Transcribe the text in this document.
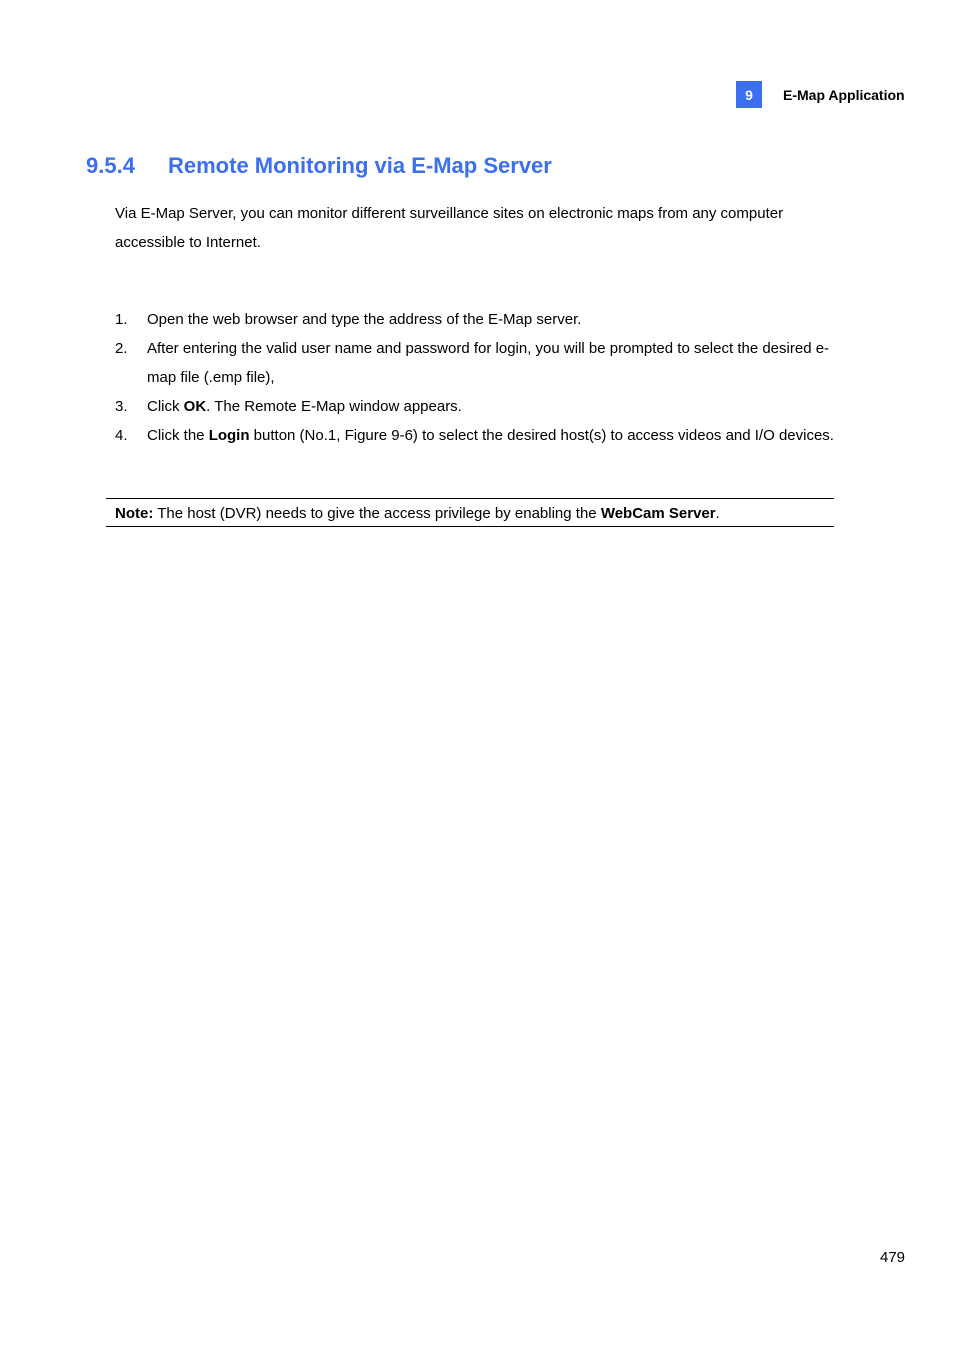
9	E-Map Application
9.5.4 Remote Monitoring via E-Map Server

Via E-Map Server, you can monitor different surveillance sites on electronic maps from any computer accessible to Internet.

1.	Open the web browser and type the address of the E-Map server.
2.	After entering the valid user name and password for login, you will be prompted to select the desired e-map file (.emp file),
3.	Click OK. The Remote E-Map window appears.
4.	Click the Login button (No.1, Figure 9-6) to select the desired host(s) to access videos and I/O devices.
Note: The host (DVR) needs to give the access privilege by enabling the WebCam Server.
479
